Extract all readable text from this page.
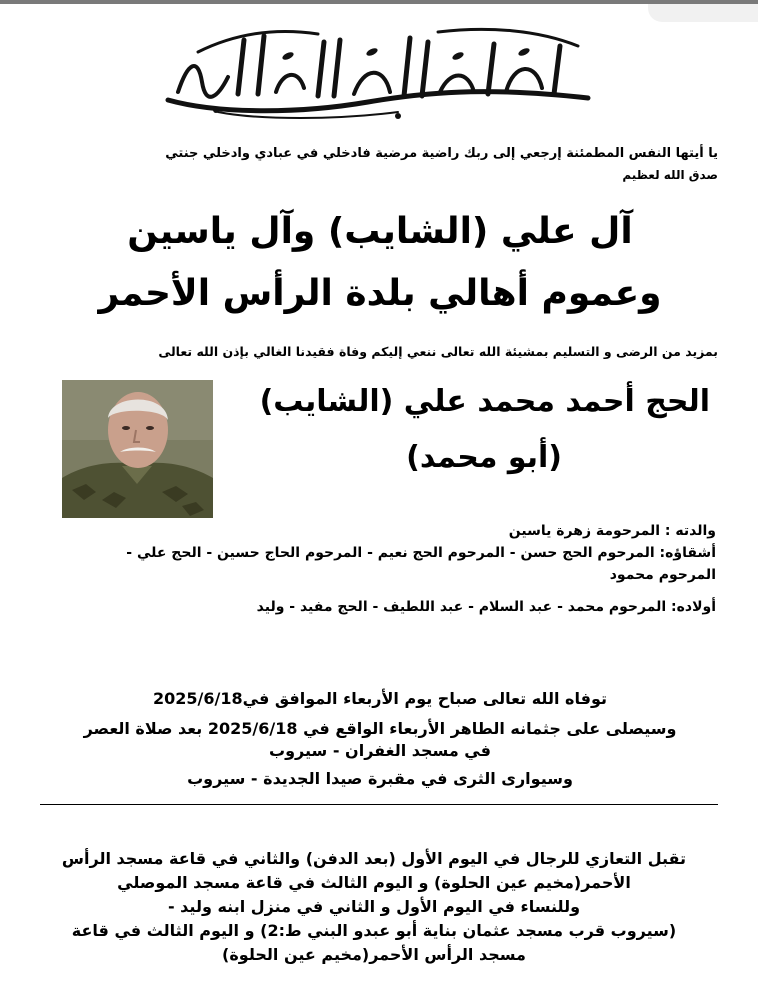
يا أيتها النفس المطمئنة إرجعي إلى ربك راضية مرضية فادخلي في عبادي وادخلي جنتي
صدق الله لعظيم
آل علي (الشايب) وآل ياسين
وعموم أهالي بلدة الرأس الأحمر
بمزيد من الرضى و التسليم بمشيئة الله تعالى ننعي إليكم وفاة فقيدنا الغالي بإذن الله تعالى
الحج أحمد محمد علي (الشايب)
(أبو محمد)
والدته : المرحومة زهرة ياسين
أشقاؤه: المرحوم الحج حسن - المرحوم الحج نعيم - المرحوم الحاج حسين - الحج علي -
المرحوم محمود
أولاده: المرحوم محمد - عبد السلام - عبد اللطيف - الحج مفيد - وليد
توفاه الله تعالى صباح يوم الأربعاء الموافق في2025/6/18
وسيصلى على جثمانه الطاهر الأربعاء الواقع في 2025/6/18 بعد صلاة العصر
في مسجد الغفران - سيروب
وسيوارى الثرى في مقبرة صيدا الجديدة - سيروب
تقبل التعازي للرجال في اليوم الأول (بعد الدفن) والثاني في قاعة مسجد الرأس
الأحمر(مخيم عين الحلوة) و اليوم الثالث في قاعة مسجد الموصلي
وللنساء في اليوم الأول و الثاني في منزل ابنه وليد -
(سيروب قرب مسجد عثمان بناية أبو عبدو البني ط:2) و اليوم الثالث في قاعة
مسجد الرأس الأحمر(مخيم عين الحلوة)
